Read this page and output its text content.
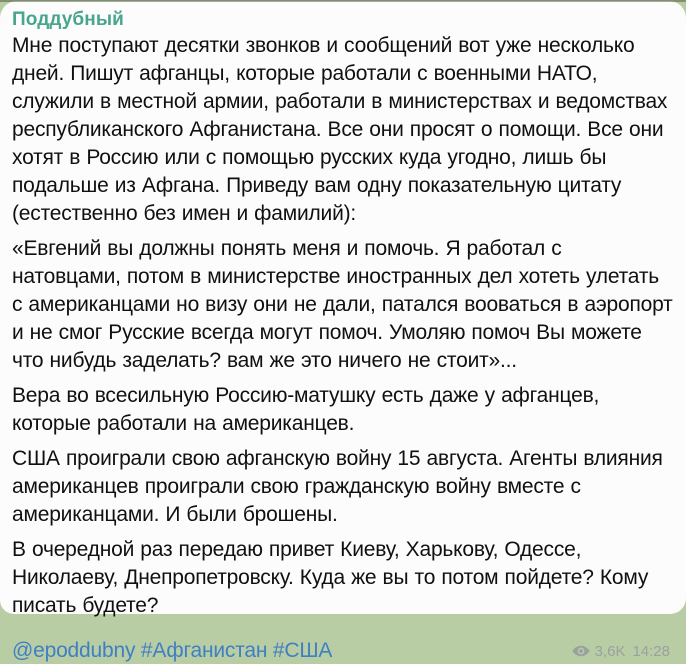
Поддубный

Мне поступают десятки звонков и сообщений вот уже несколько дней. Пишут афганцы, которые работали с военными НАТО, служили в местной армии, работали в министерствах и ведомствах республиканского Афганистана. Все они просят о помощи. Все они хотят в Россию или с помощью русских куда угодно, лишь бы подальше из Афгана. Приведу вам одну показательную цитату (естественно без имен и фамилий):

«Евгений вы должны понять меня и помочь. Я работал с натовцами, потом в министерстве иностранных дел хотеть улетать с американцами но визу они не дали, патался вооваться в аэропорт и не смог Русские всегда могут помоч. Умоляю помоч Вы можете что нибудь заделать? вам же это ничего не стоит»...

Вера во всесильную Россию-матушку есть даже у афганцев, которые работали на американцев.

США проиграли свою афганскую войну 15 августа. Агенты влияния американцев проиграли свою гражданскую войну вместе с американцами. И были брошены.

В очередной раз передаю привет Киеву, Харькову, Одессе, Николаеву, Днепропетровску. Куда же вы то потом пойдете? Кому писать будете?

@epoddubny #Афганистан #США	3,6K 14:28
